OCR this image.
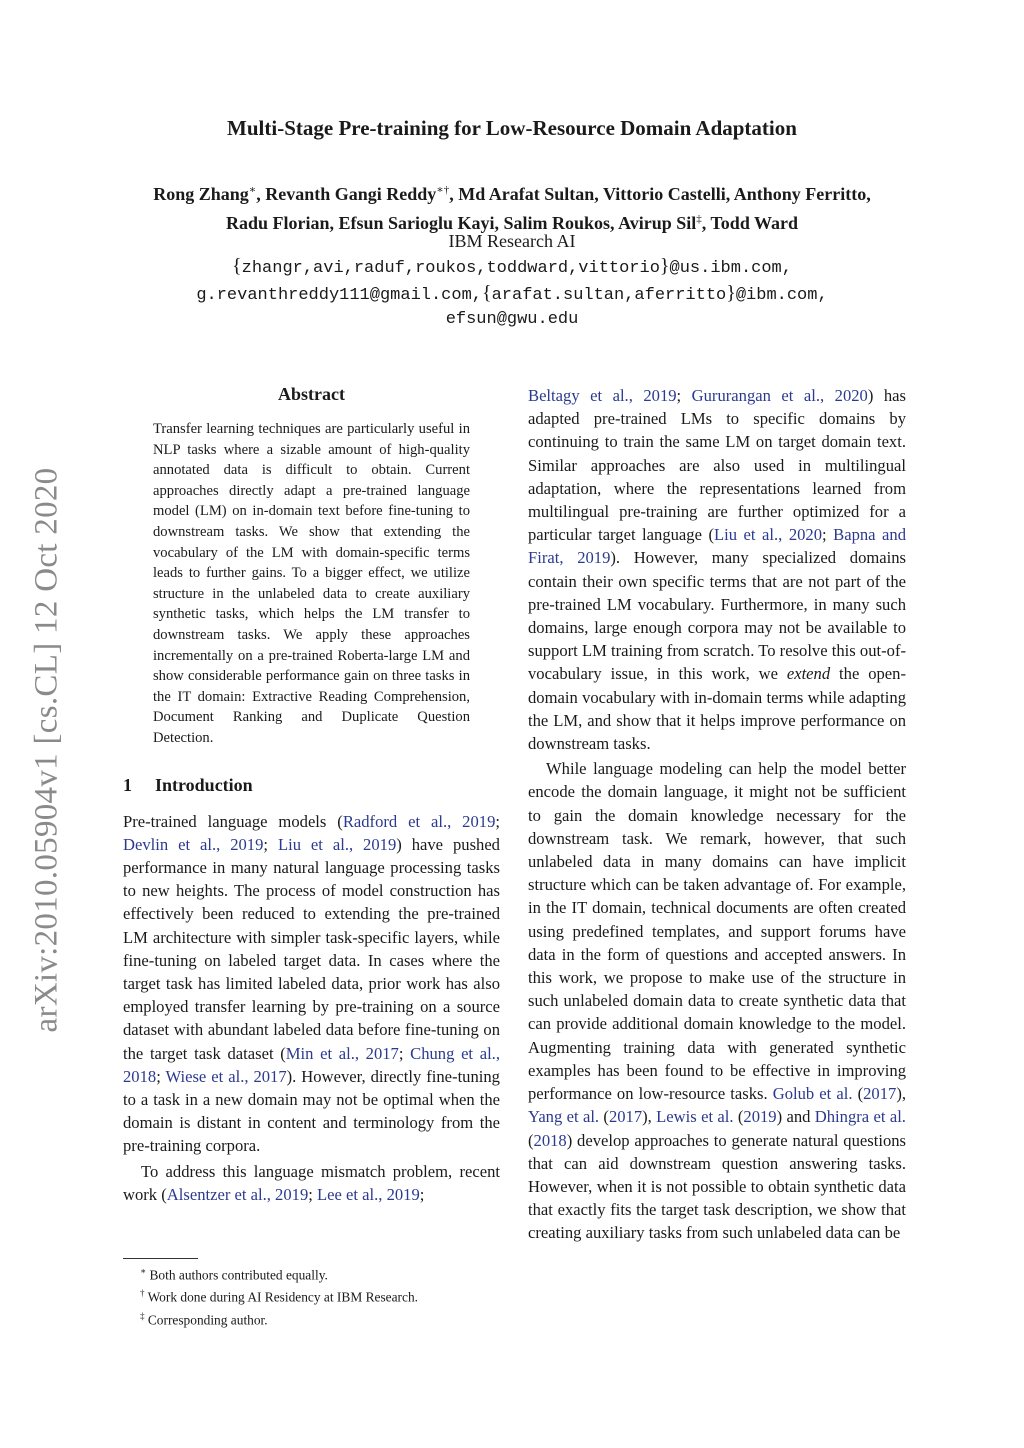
arXiv:2010.05904v1 [cs.CL] 12 Oct 2020
Multi-Stage Pre-training for Low-Resource Domain Adaptation
Rong Zhang∗, Revanth Gangi Reddy∗†, Md Arafat Sultan, Vittorio Castelli, Anthony Ferritto,
Radu Florian, Efsun Sarioglu Kayi, Salim Roukos, Avirup Sil‡, Todd Ward
IBM Research AI
{zhangr,avi,raduf,roukos,toddward,vittorio}@us.ibm.com,
g.revanthreddy111@gmail.com,{arafat.sultan,aferritto}@ibm.com,
efsun@gwu.edu
Abstract

Transfer learning techniques are particularly useful in NLP tasks where a sizable amount of high-quality annotated data is difficult to obtain. Current approaches directly adapt a pre-trained language model (LM) on in-domain text before fine-tuning to downstream tasks. We show that extending the vocabulary of the LM with domain-specific terms leads to further gains. To a bigger effect, we utilize structure in the unlabeled data to create auxiliary synthetic tasks, which helps the LM transfer to downstream tasks. We apply these approaches incrementally on a pre-trained Roberta-large LM and show considerable performance gain on three tasks in the IT domain: Extractive Reading Comprehension, Document Ranking and Duplicate Question Detection.

1 Introduction

Pre-trained language models (Radford et al., 2019; Devlin et al., 2019; Liu et al., 2019) have pushed performance in many natural language processing tasks to new heights. The process of model construction has effectively been reduced to extending the pre-trained LM architecture with simpler task-specific layers, while fine-tuning on labeled target data. In cases where the target task has limited labeled data, prior work has also employed transfer learning by pre-training on a source dataset with abundant labeled data before fine-tuning on the target task dataset (Min et al., 2017; Chung et al., 2018; Wiese et al., 2017). However, directly fine-tuning to a task in a new domain may not be optimal when the domain is distant in content and terminology from the pre-training corpora.

To address this language mismatch problem, recent work (Alsentzer et al., 2019; Lee et al., 2019;

Beltagy et al., 2019; Gururangan et al., 2020) has adapted pre-trained LMs to specific domains by continuing to train the same LM on target domain text. Similar approaches are also used in multilingual adaptation, where the representations learned from multilingual pre-training are further optimized for a particular target language (Liu et al., 2020; Bapna and Firat, 2019). However, many specialized domains contain their own specific terms that are not part of the pre-trained LM vocabulary. Furthermore, in many such domains, large enough corpora may not be available to support LM training from scratch. To resolve this out-of-vocabulary issue, in this work, we extend the open-domain vocabulary with in-domain terms while adapting the LM, and show that it helps improve performance on downstream tasks.

While language modeling can help the model better encode the domain language, it might not be sufficient to gain the domain knowledge necessary for the downstream task. We remark, however, that such unlabeled data in many domains can have implicit structure which can be taken advantage of. For example, in the IT domain, technical documents are often created using predefined templates, and support forums have data in the form of questions and accepted answers. In this work, we propose to make use of the structure in such unlabeled domain data to create synthetic data that can provide additional domain knowledge to the model. Augmenting training data with generated synthetic examples has been found to be effective in improving performance on low-resource tasks. Golub et al. (2017), Yang et al. (2017), Lewis et al. (2019) and Dhingra et al. (2018) develop approaches to generate natural questions that can aid downstream question answering tasks. However, when it is not possible to obtain synthetic data that exactly fits the target task description, we show that creating auxiliary tasks from such unlabeled data can be

∗ Both authors contributed equally.
† Work done during AI Residency at IBM Research.
‡ Corresponding author.
